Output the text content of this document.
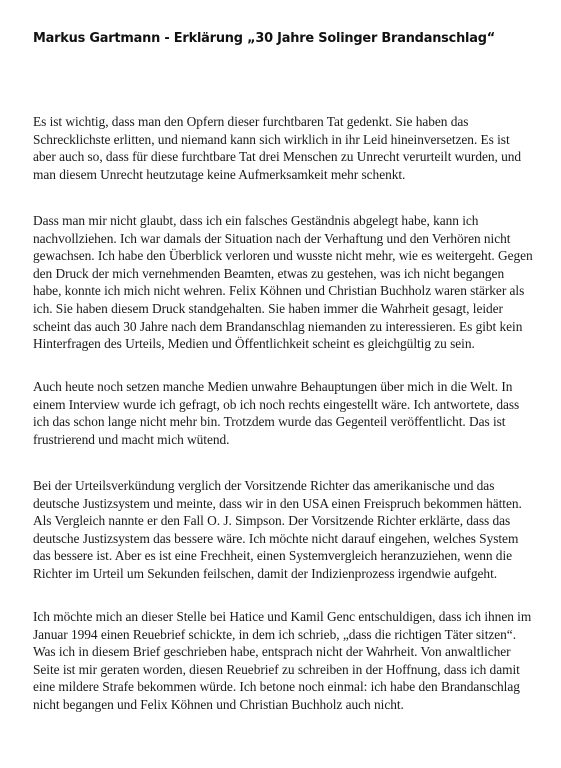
Markus Gartmann - Erklärung „30 Jahre Solinger Brandanschlag“

Es ist wichtig, dass man den Opfern dieser furchtbaren Tat gedenkt. Sie haben das Schrecklichste erlitten, und niemand kann sich wirklich in ihr Leid hineinversetzen. Es ist aber auch so, dass für diese furchtbare Tat drei Menschen zu Unrecht verurteilt wurden, und man diesem Unrecht heutzutage keine Aufmerksamkeit mehr schenkt.

Dass man mir nicht glaubt, dass ich ein falsches Geständnis abgelegt habe, kann ich nachvollziehen. Ich war damals der Situation nach der Verhaftung und den Verhören nicht gewachsen. Ich habe den Überblick verloren und wusste nicht mehr, wie es weitergeht. Gegen den Druck der mich vernehmenden Beamten, etwas zu gestehen, was ich nicht begangen habe, konnte ich mich nicht wehren. Felix Köhnen und Christian Buchholz waren stärker als ich. Sie haben diesem Druck standgehalten. Sie haben immer die Wahrheit gesagt, leider scheint das auch 30 Jahre nach dem Brandanschlag niemanden zu interessieren. Es gibt kein Hinterfragen des Urteils, Medien und Öffentlichkeit scheint es gleichgültig zu sein.

Auch heute noch setzen manche Medien unwahre Behauptungen über mich in die Welt. In einem Interview wurde ich gefragt, ob ich noch rechts eingestellt wäre. Ich antwortete, dass ich das schon lange nicht mehr bin. Trotzdem wurde das Gegenteil veröffentlicht. Das ist frustrierend und macht mich wütend.

Bei der Urteilsverkündung verglich der Vorsitzende Richter das amerikanische und das deutsche Justizsystem und meinte, dass wir in den USA einen Freispruch bekommen hätten. Als Vergleich nannte er den Fall O. J. Simpson. Der Vorsitzende Richter erklärte, dass das deutsche Justizsystem das bessere wäre. Ich möchte nicht darauf eingehen, welches System das bessere ist. Aber es ist eine Frechheit, einen Systemvergleich heranzuziehen, wenn die Richter im Urteil um Sekunden feilschen, damit der Indizienprozess irgendwie aufgeht.

Ich möchte mich an dieser Stelle bei Hatice und Kamil Genc entschuldigen, dass ich ihnen im Januar 1994 einen Reuebrief schickte, in dem ich schrieb, „dass die richtigen Täter sitzen“. Was ich in diesem Brief geschrieben habe, entsprach nicht der Wahrheit. Von anwaltlicher Seite ist mir geraten worden, diesen Reuebrief zu schreiben in der Hoffnung, dass ich damit eine mildere Strafe bekommen würde. Ich betone noch einmal: ich habe den Brandanschlag nicht begangen und Felix Köhnen und Christian Buchholz auch nicht.
